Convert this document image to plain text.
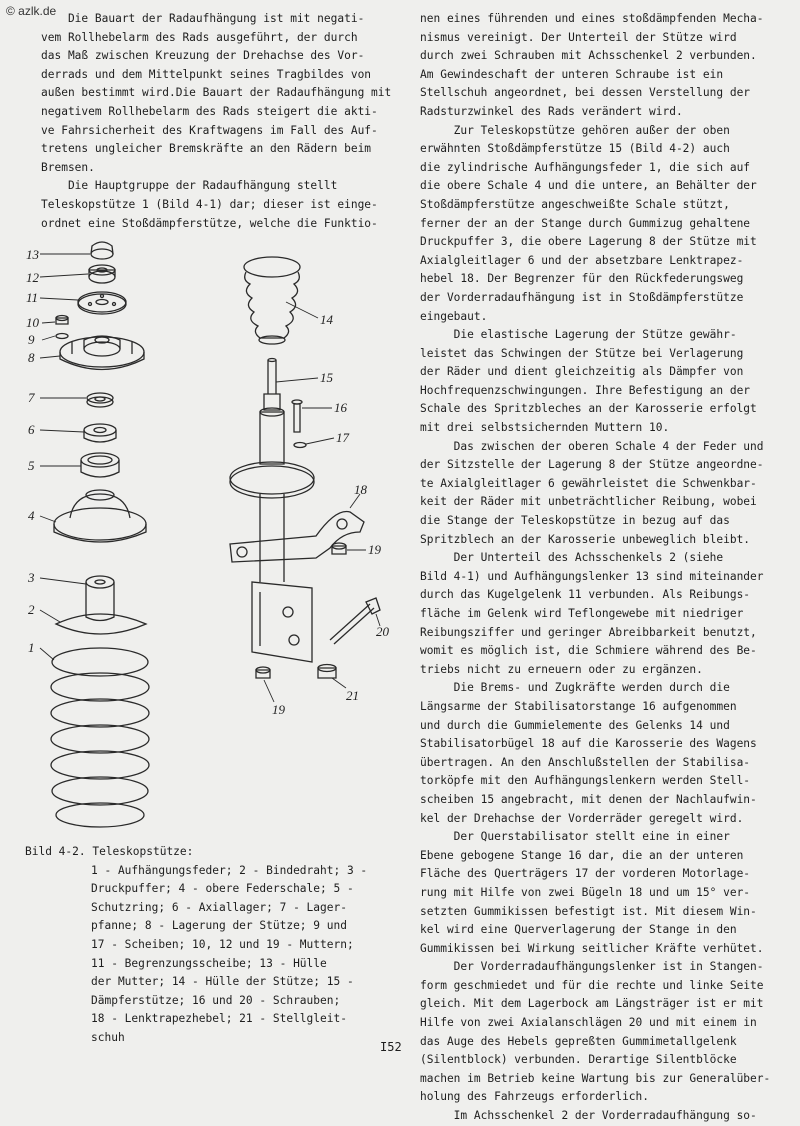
© azlk.de

Die Bauart der Radaufhängung ist mit negati-

vem Rollhebelarm des Rads ausgeführt, der durch

das Maß zwischen Kreuzung der Drehachse des Vor-

derrads und dem Mittelpunkt seines Tragbildes von

außen bestimmt wird.Die Bauart der Radaufhängung mit

negativem Rollhebelarm des Rads steigert die akti-

ve Fahrsicherheit des Kraftwagens im Fall des Auf-

tretens ungleicher Bremskräfte an den Rädern beim

Bremsen.

Die Hauptgruppe der Radaufhängung stellt

Teleskopstütze 1 (Bild 4-1) dar; dieser ist einge-

ordnet eine Stoßdämpferstütze, welche die Funktio-

nen eines führenden und eines stoßdämpfenden Mecha-

nismus vereinigt. Der Unterteil der Stütze wird

durch zwei Schrauben mit Achsschenkel 2 verbunden.

Am Gewindeschaft der unteren Schraube ist ein

Stellschuh angeordnet, bei dessen Verstellung der

Radsturzwinkel des Rads verändert wird.

Zur Teleskopstütze gehören außer der oben

erwähnten Stoßdämpferstütze 15 (Bild 4-2) auch

die zylindrische Aufhängungsfeder 1, die sich auf

die obere Schale 4 und die untere, an Behälter der

Stoßdämpferstütze angeschweißte Schale stützt,

ferner der an der Stange durch Gummizug gehaltene

Druckpuffer 3, die obere Lagerung 8 der Stütze mit

Axialgleitlager 6 und der absetzbare Lenktrapez-

hebel 18. Der Begrenzer für den Rückfederungsweg

der Vorderradaufhängung ist in Stoßdämpferstütze

eingebaut.

Die elastische Lagerung der Stütze gewähr-

leistet das Schwingen der Stütze bei Verlagerung

der Räder und dient gleichzeitig als Dämpfer von

Hochfrequenzschwingungen. Ihre Befestigung an der

Schale des Spritzbleches an der Karosserie erfolgt

mit drei selbstsichernden Muttern 10.

Das zwischen der oberen Schale 4 der Feder und

der Sitzstelle der Lagerung 8 der Stütze angeordne-

te Axialgleitlager 6 gewährleistet die Schwenkbar-

keit der Räder mit unbeträchtlicher Reibung, wobei

die Stange der Teleskopstütze in bezug auf das

Spritzblech an der Karosserie unbeweglich bleibt.

Der Unterteil des Achsschenkels 2 (siehe

Bild 4-1) und Aufhängungslenker 13 sind miteinander

durch das Kugelgelenk 11 verbunden. Als Reibungs-

fläche im Gelenk wird Teflongewebe mit niedriger

Reibungsziffer und geringer Abreibbarkeit benutzt,

womit es möglich ist, die Schmiere während des Be-

triebs nicht zu erneuern oder zu ergänzen.

Die Brems- und Zugkräfte werden durch die

Längsarme der Stabilisatorstange 16 aufgenommen

und durch die Gummielemente des Gelenks 14 und

Stabilisatorbügel 18 auf die Karosserie des Wagens

übertragen. An den Anschlußstellen der Stabilisa-

torköpfe mit den Aufhängungslenkern werden Stell-

scheiben 15 angebracht, mit denen der Nachlaufwin-

kel der Drehachse der Vorderräder geregelt wird.

Der Querstabilisator stellt eine in einer

Ebene gebogene Stange 16 dar, die an der unteren

Fläche des Querträgers 17 der vorderen Motorlage-

rung mit Hilfe von zwei Bügeln 18 und um 15° ver-

setzten Gummikissen befestigt ist. Mit diesem Win-

kel wird eine Querverlagerung der Stange in den

Gummikissen bei Wirkung seitlicher Kräfte verhütet.

Der Vorderradaufhängungslenker ist in Stangen-

form geschmiedet und für die rechte und linke Seite

gleich. Mit dem Lagerbock am Längsträger ist er mit

Hilfe von zwei Axialanschlägen 20 und mit einem in

das Auge des Hebels gepreßten Gummimetallgelenk

(Silentblock) verbunden. Derartige Silentblöcke

machen im Betrieb keine Wartung bis zur Generalüber-

holung des Fahrzeugs erforderlich.

Im Achsschenkel 2 der Vorderradaufhängung so-

13
12
11
10
9
8
7
6
5
4
3
2
1
14
15
16
17
18
19
20
21
19

Bild 4-2. Teleskopstütze:

1 - Aufhängungsfeder; 2 - Bindedraht; 3 -

Druckpuffer; 4 - obere Federschale; 5 -

Schutzring; 6 - Axiallager; 7 - Lager-

pfanne; 8 - Lagerung der Stütze; 9 und

17 - Scheiben; 10, 12 und 19 - Muttern;

11 - Begrenzungsscheibe; 13 - Hülle

der Mutter; 14 - Hülle der Stütze; 15 -

Dämpferstütze; 16 und 20 - Schrauben;

18 - Lenktrapezhebel; 21 - Stellgleit-

schuh

I52
